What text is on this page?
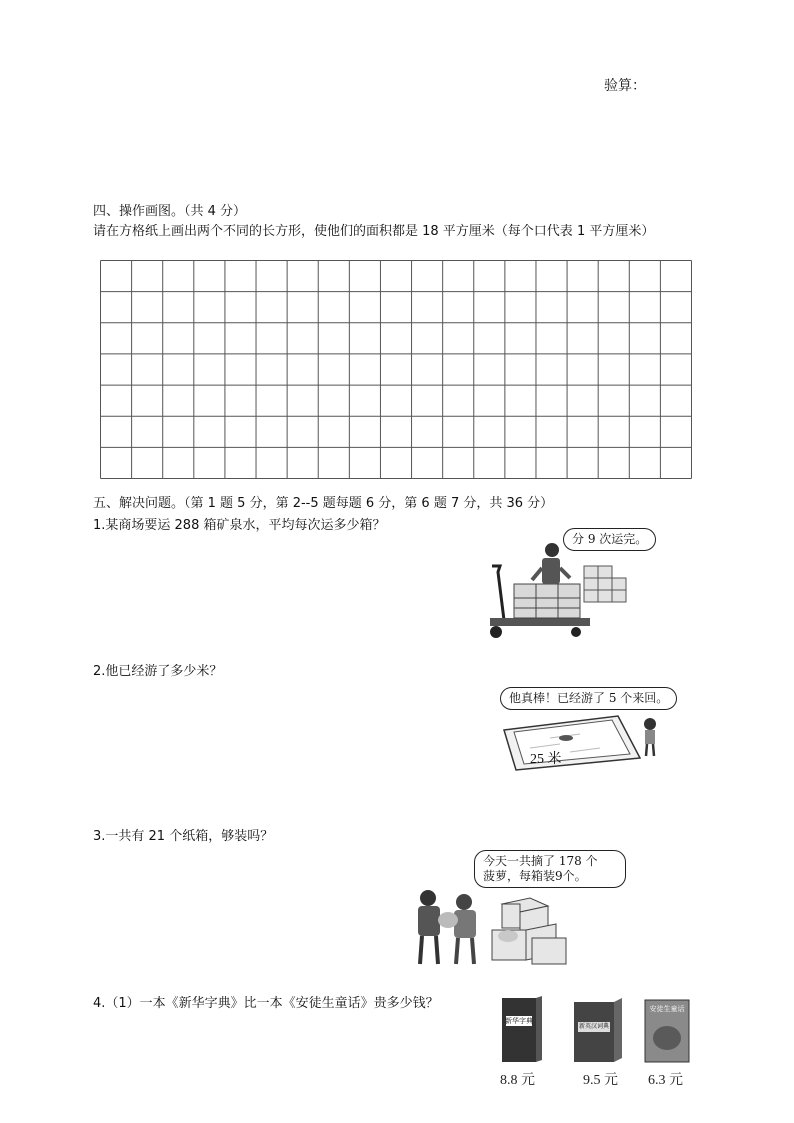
验算：
四、操作画图。（共 4 分）
请在方格纸上画出两个不同的长方形，使他们的面积都是 18 平方厘米（每个口代表 1 平方厘米）
五、解决问题。（第 1 题 5 分，第 2--5 题每题 6 分，第 6 题 7 分，共 36 分）
1.某商场要运 288 箱矿泉水，平均每次运多少箱？
分 9 次运完。
2.他已经游了多少米？
他真棒！已经游了 5 个来回。
25 米
3.一共有 21 个纸箱，够装吗？
今天一共摘了 178 个
菠萝，每箱装9个。
4.（1）一本《新华字典》比一本《安徒生童话》贵多少钱？
新华字典
8.8 元
新英汉词典
9.5 元
安徒生童话
6.3 元
